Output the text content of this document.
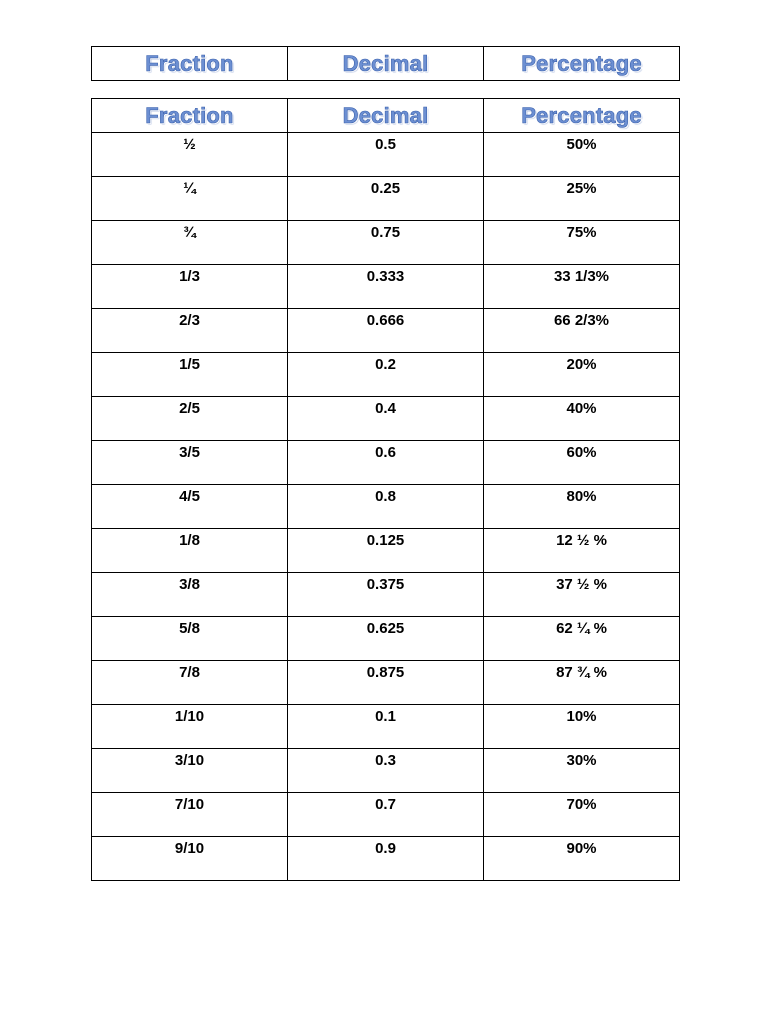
Fraction	Decimal	Percentage
Fraction	Decimal	Percentage
½	0.5	50%
¼	0.25	25%
¾	0.75	75%
1/3	0.333	33 1/3%
2/3	0.666	66 2/3%
1/5	0.2	20%
2/5	0.4	40%
3/5	0.6	60%
4/5	0.8	80%
1/8	0.125	12 ½ %
3/8	0.375	37 ½ %
5/8	0.625	62 ¼ %
7/8	0.875	87 ¾ %
1/10	0.1	10%
3/10	0.3	30%
7/10	0.7	70%
9/10	0.9	90%
